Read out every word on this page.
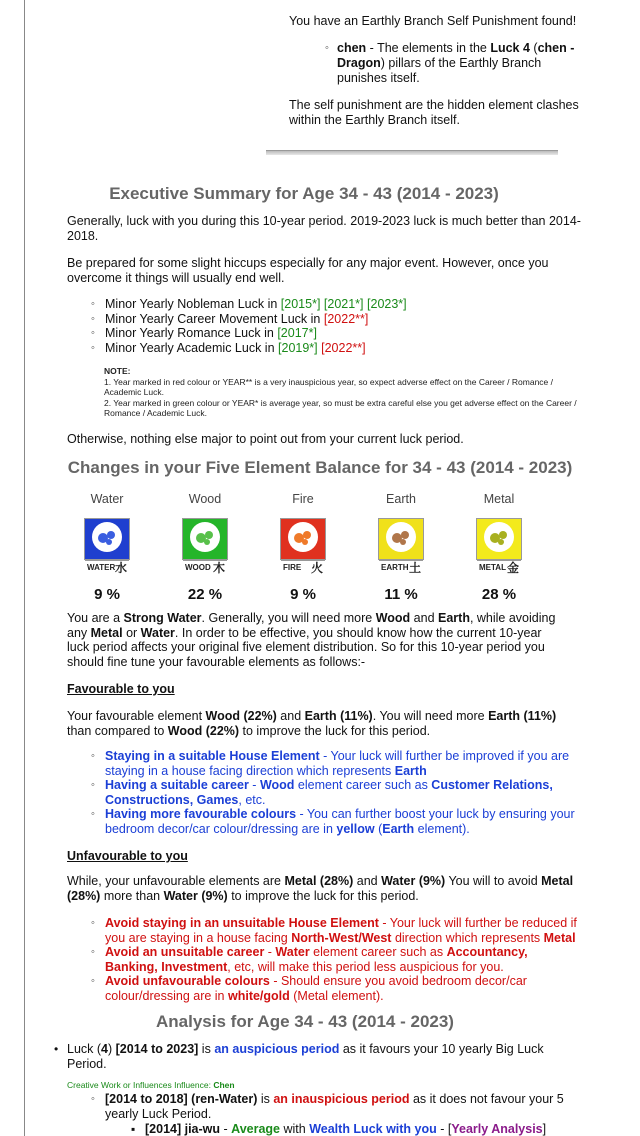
You have an Earthly Branch Self Punishment found!

◦ chen - The elements in the Luck 4 (chen - Dragon) pillars of the Earthly Branch punishes itself.

The self punishment are the hidden element clashes within the Earthly Branch itself.

Executive Summary for Age 34 - 43 (2014 - 2023)

Generally, luck with you during this 10-year period. 2019-2023 luck is much better than 2014-2018.

Be prepared for some slight hiccups especially for any major event. However, once you overcome it things will usually end well.

◦ Minor Yearly Nobleman Luck in [2015*] [2021*] [2023*]
◦ Minor Yearly Career Movement Luck in [2022**]
◦ Minor Yearly Romance Luck in [2017*]
◦ Minor Yearly Academic Luck in [2019*] [2022**]

NOTE:

1. Year marked in red colour or YEAR** is a very inauspicious year, so expect adverse effect on the Career / Romance / Academic Luck.

2. Year marked in green colour or YEAR* is average year, so must be extra careful else you get adverse effect on the Career / Romance / Academic Luck.

Otherwise, nothing else major to point out from your current luck period.

Changes in your Five Element Balance for 34 - 43 (2014 - 2023)
Water
WATER 水
9 %
Wood
WOOD 木
22 %
Fire
FIRE 火
9 %
Earth
EARTH 土
11 %
Metal
METAL 金
28 %

You are a Strong Water. Generally, you will need more Wood and Earth, while avoiding any Metal or Water. In order to be effective, you should know how the current 10-year luck period affects your original five element distribution. So for this 10-year period you should fine tune your favourable elements as follows:-

Favourable to you

Your favourable element Wood (22%) and Earth (11%). You will need more Earth (11%) than compared to Wood (22%) to improve the luck for this period.

◦ Staying in a suitable House Element - Your luck will further be improved if you are staying in a house facing direction which represents Earth
◦ Having a suitable career - Wood element career such as Customer Relations, Constructions, Games, etc.
◦ Having more favourable colours - You can further boost your luck by ensuring your bedroom decor/car colour/dressing are in yellow (Earth element).

Unfavourable to you

While, your unfavourable elements are Metal (28%) and Water (9%) You will to avoid Metal (28%) more than Water (9%) to improve the luck for this period.

◦ Avoid staying in an unsuitable House Element - Your luck will further be reduced if you are staying in a house facing North-West/West direction which represents Metal
◦ Avoid an unsuitable career - Water element career such as Accountancy, Banking, Investment, etc, will make this period less auspicious for you.
◦ Avoid unfavourable colours - Should ensure you avoid bedroom decor/car colour/dressing are in white/gold (Metal element).
Analysis for Age 34 - 43 (2014 - 2023)

• Luck (4) [2014 to 2023] is an auspicious period as it favours your 10 yearly Big Luck Period.

Creative Work or Influences Influence: Chen

◦ [2014 to 2018] (ren-Water) is an inauspicious period as it does not favour your 5 yearly Luck Period.

▪ [2014] jia-wu - Average with Wealth Luck with you - [Yearly Analysis]
